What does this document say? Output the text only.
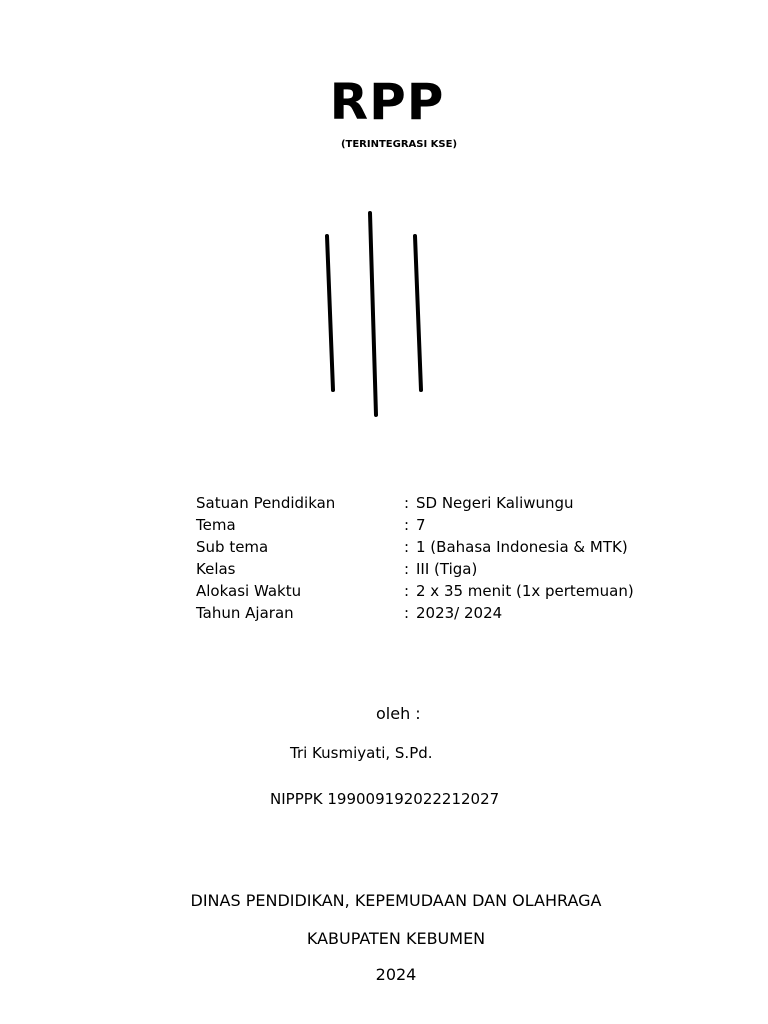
RPP
(TERINTEGRASI KSE)
Satuan Pendidikan	: SD Negeri Kaliwungu
Tema	: 7
Sub tema	: 1 (Bahasa Indonesia & MTK)
Kelas	: III (Tiga)
Alokasi Waktu	: 2 x 35 menit (1x pertemuan)
Tahun Ajaran	: 2023/ 2024
oleh :
Tri Kusmiyati, S.Pd.
NIPPPK 199009192022212027
DINAS PENDIDIKAN, KEPEMUDAAN DAN OLAHRAGA
KABUPATEN KEBUMEN
2024
